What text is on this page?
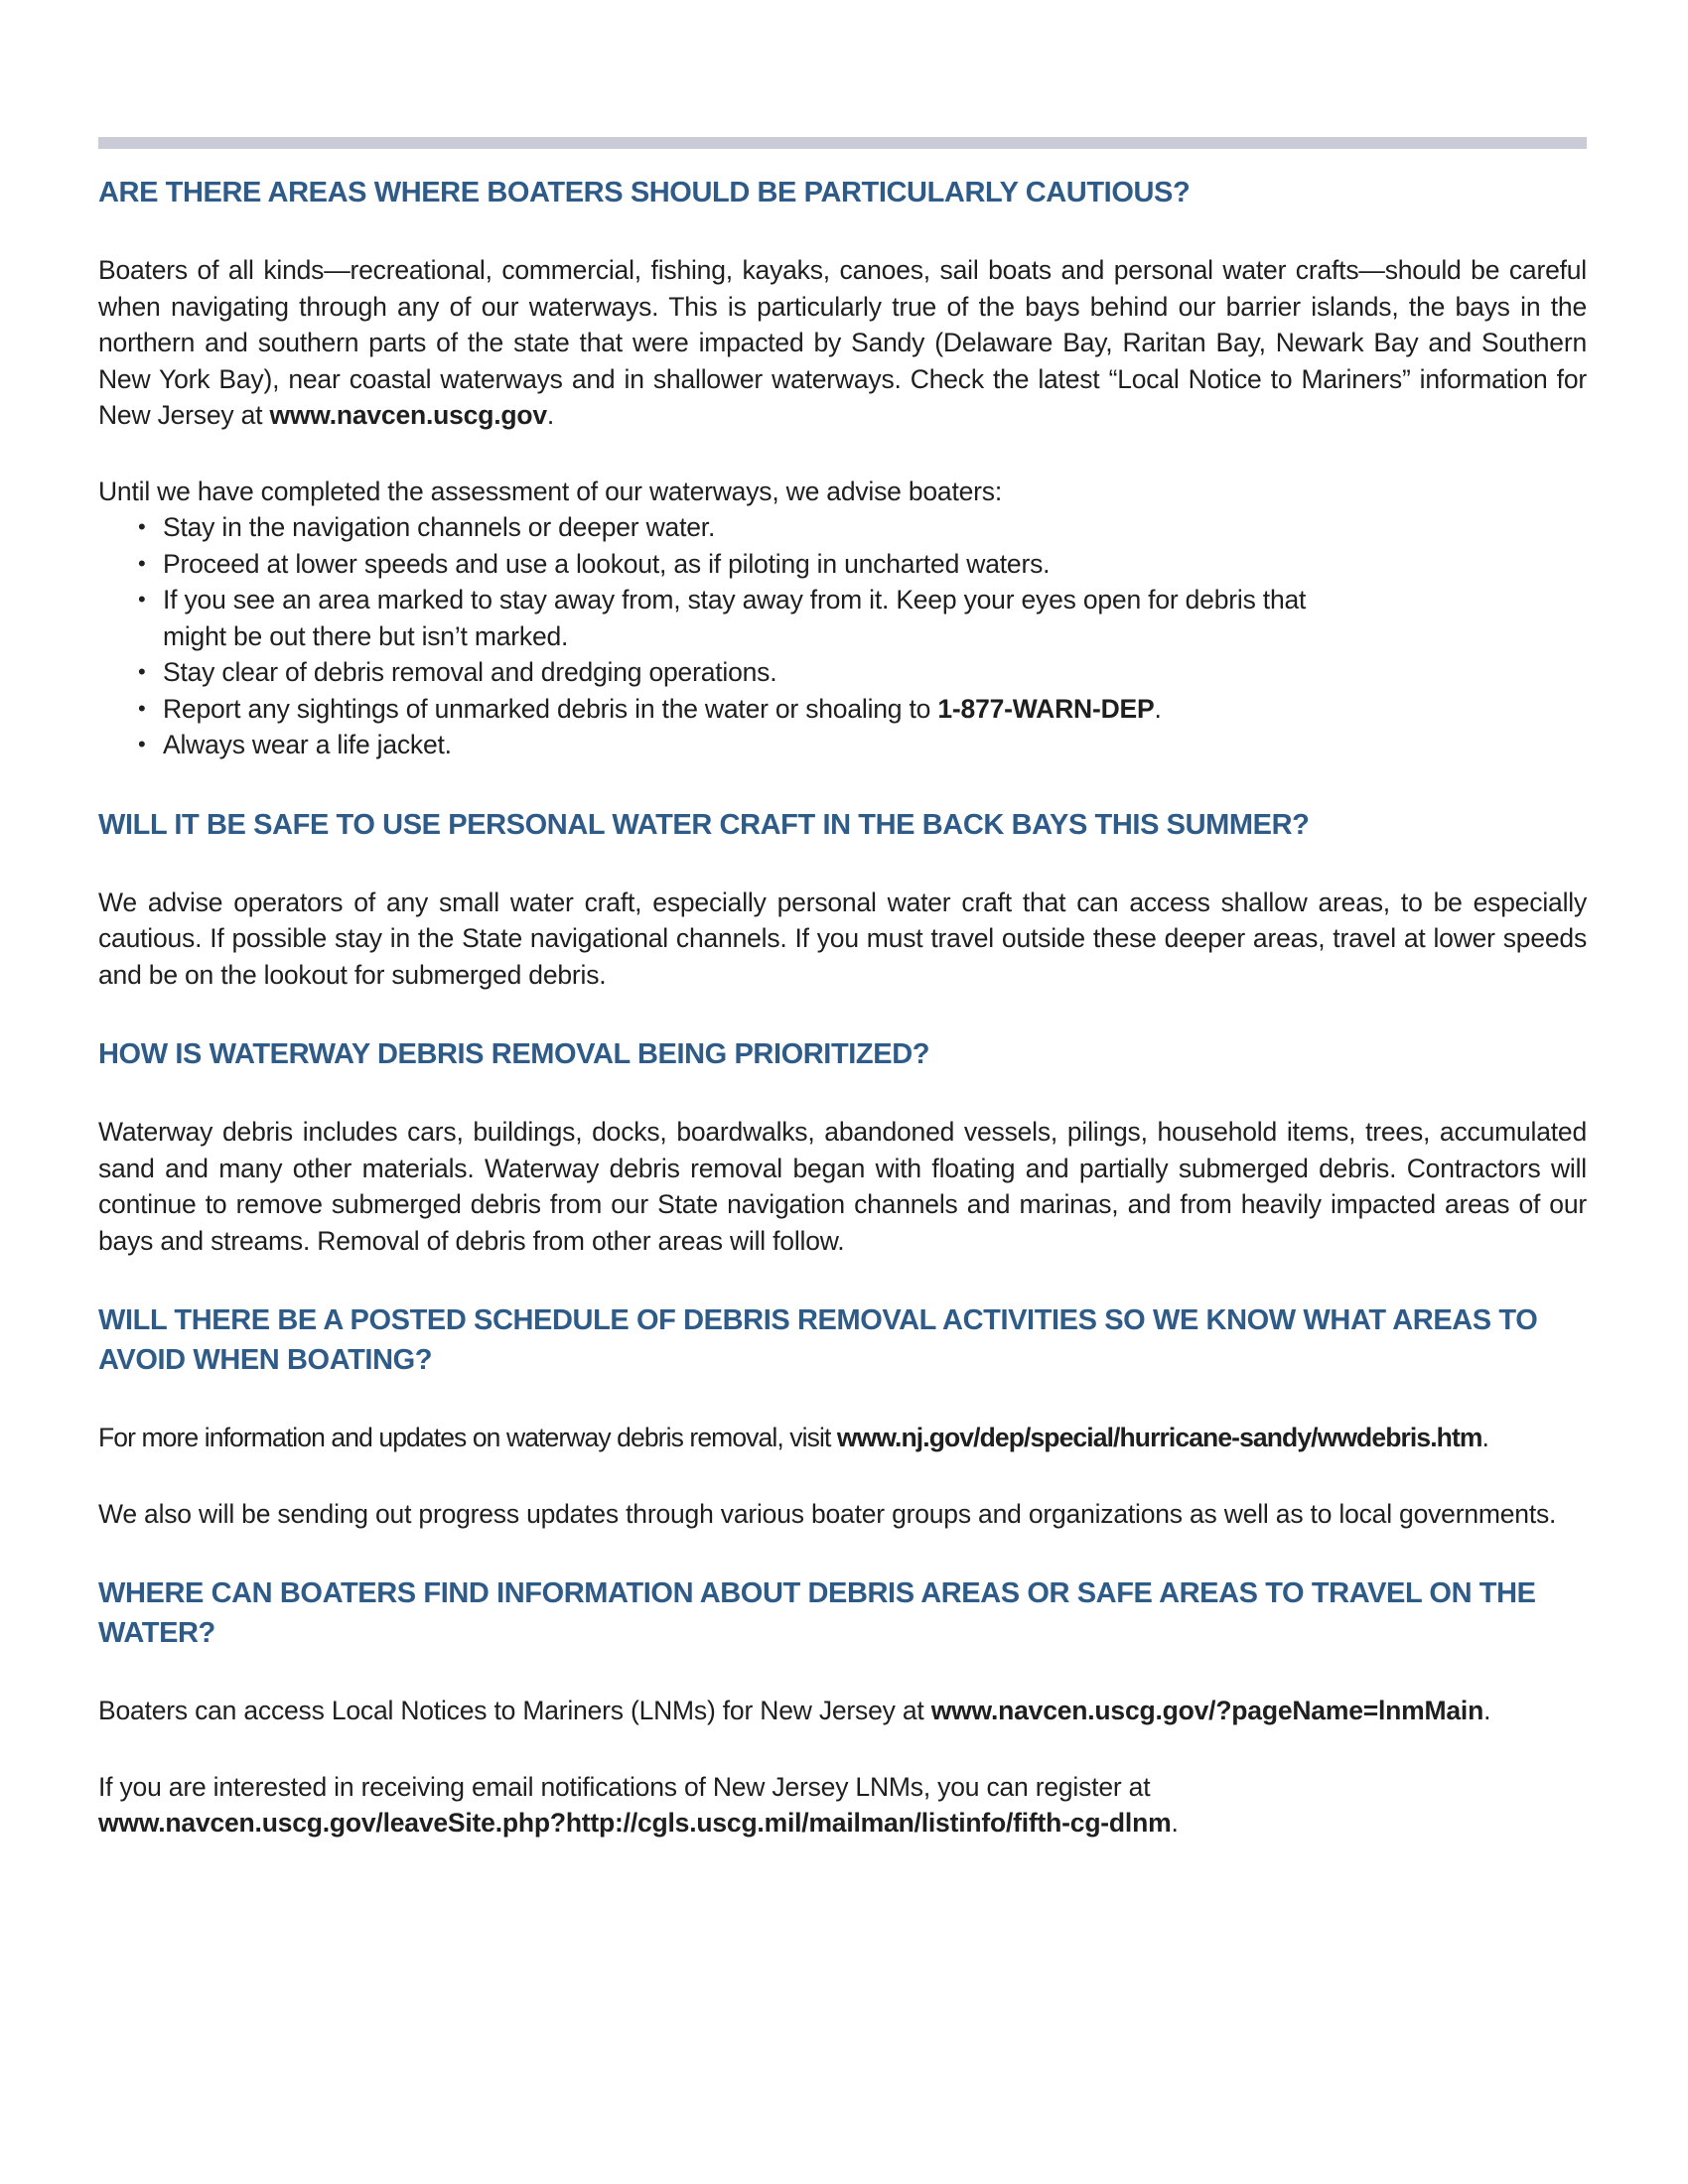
ARE THERE AREAS WHERE BOATERS SHOULD BE PARTICULARLY CAUTIOUS?

Boaters of all kinds—recreational, commercial, fishing, kayaks, canoes, sail boats and personal water crafts—should be careful when navigating through any of our waterways. This is particularly true of the bays behind our barrier islands, the bays in the northern and southern parts of the state that were impacted by Sandy (Delaware Bay, Raritan Bay, Newark Bay and Southern New York Bay), near coastal waterways and in shallower waterways. Check the latest “Local Notice to Mariners” information for New Jersey at www.navcen.uscg.gov.

Until we have completed the assessment of our waterways, we advise boaters:

• Stay in the navigation channels or deeper water.
• Proceed at lower speeds and use a lookout, as if piloting in uncharted waters.
• If you see an area marked to stay away from, stay away from it. Keep your eyes open for debris that
might be out there but isn’t marked.
• Stay clear of debris removal and dredging operations.
• Report any sightings of unmarked debris in the water or shoaling to 1-877-WARN-DEP.
• Always wear a life jacket.
WILL IT BE SAFE TO USE PERSONAL WATER CRAFT IN THE BACK BAYS THIS SUMMER?

We advise operators of any small water craft, especially personal water craft that can access shallow areas, to be especially cautious. If possible stay in the State navigational channels. If you must travel outside these deeper areas, travel at lower speeds and be on the lookout for submerged debris.

HOW IS WATERWAY DEBRIS REMOVAL BEING PRIORITIZED?

Waterway debris includes cars, buildings, docks, boardwalks, abandoned vessels, pilings, household items, trees, accumulated sand and many other materials. Waterway debris removal began with floating and partially submerged debris. Contractors will continue to remove submerged debris from our State navigation channels and marinas, and from heavily impacted areas of our bays and streams. Removal of debris from other areas will follow.

WILL THERE BE A POSTED SCHEDULE OF DEBRIS REMOVAL ACTIVITIES SO WE KNOW WHAT AREAS TO AVOID WHEN BOATING?

For more information and updates on waterway debris removal, visit www.nj.gov/dep/special/hurricane-sandy/wwdebris.htm.

We also will be sending out progress updates through various boater groups and organizations as well as to local governments.

WHERE CAN BOATERS FIND INFORMATION ABOUT DEBRIS AREAS OR SAFE AREAS TO TRAVEL ON THE WATER?

Boaters can access Local Notices to Mariners (LNMs) for New Jersey at www.navcen.uscg.gov/?pageName=lnmMain.

If you are interested in receiving email notifications of New Jersey LNMs, you can register at
www.navcen.uscg.gov/leaveSite.php?http://cgls.uscg.mil/mailman/listinfo/fifth-cg-dlnm.
